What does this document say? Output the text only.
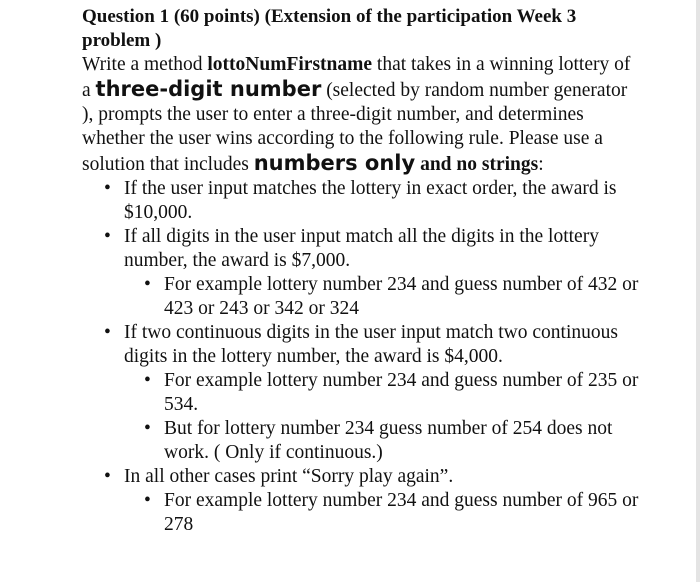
Question 1 (60 points) (Extension of the participation Week 3 problem )

Write a method lottoNumFirstname that takes in a winning lottery of a three-digit number (selected by random number generator ), prompts the user to enter a three-digit number, and determines whether the user wins according to the following rule. Please use a solution that includes numbers only and no strings:

• If the user input matches the lottery in exact order, the award is $10,000.
• If all digits in the user input match all the digits in the lottery number, the award is $7,000.
• For example lottery number 234 and guess number of 432 or 423 or 243 or 342 or 324
• If two continuous digits in the user input match two continuous digits in the lottery number, the award is $4,000.
• For example lottery number 234 and guess number of 235 or 534.
• But for lottery number 234 guess number of 254 does not work. ( Only if continuous.)
• In all other cases print “Sorry play again”.
• For example lottery number 234 and guess number of 965 or 278
